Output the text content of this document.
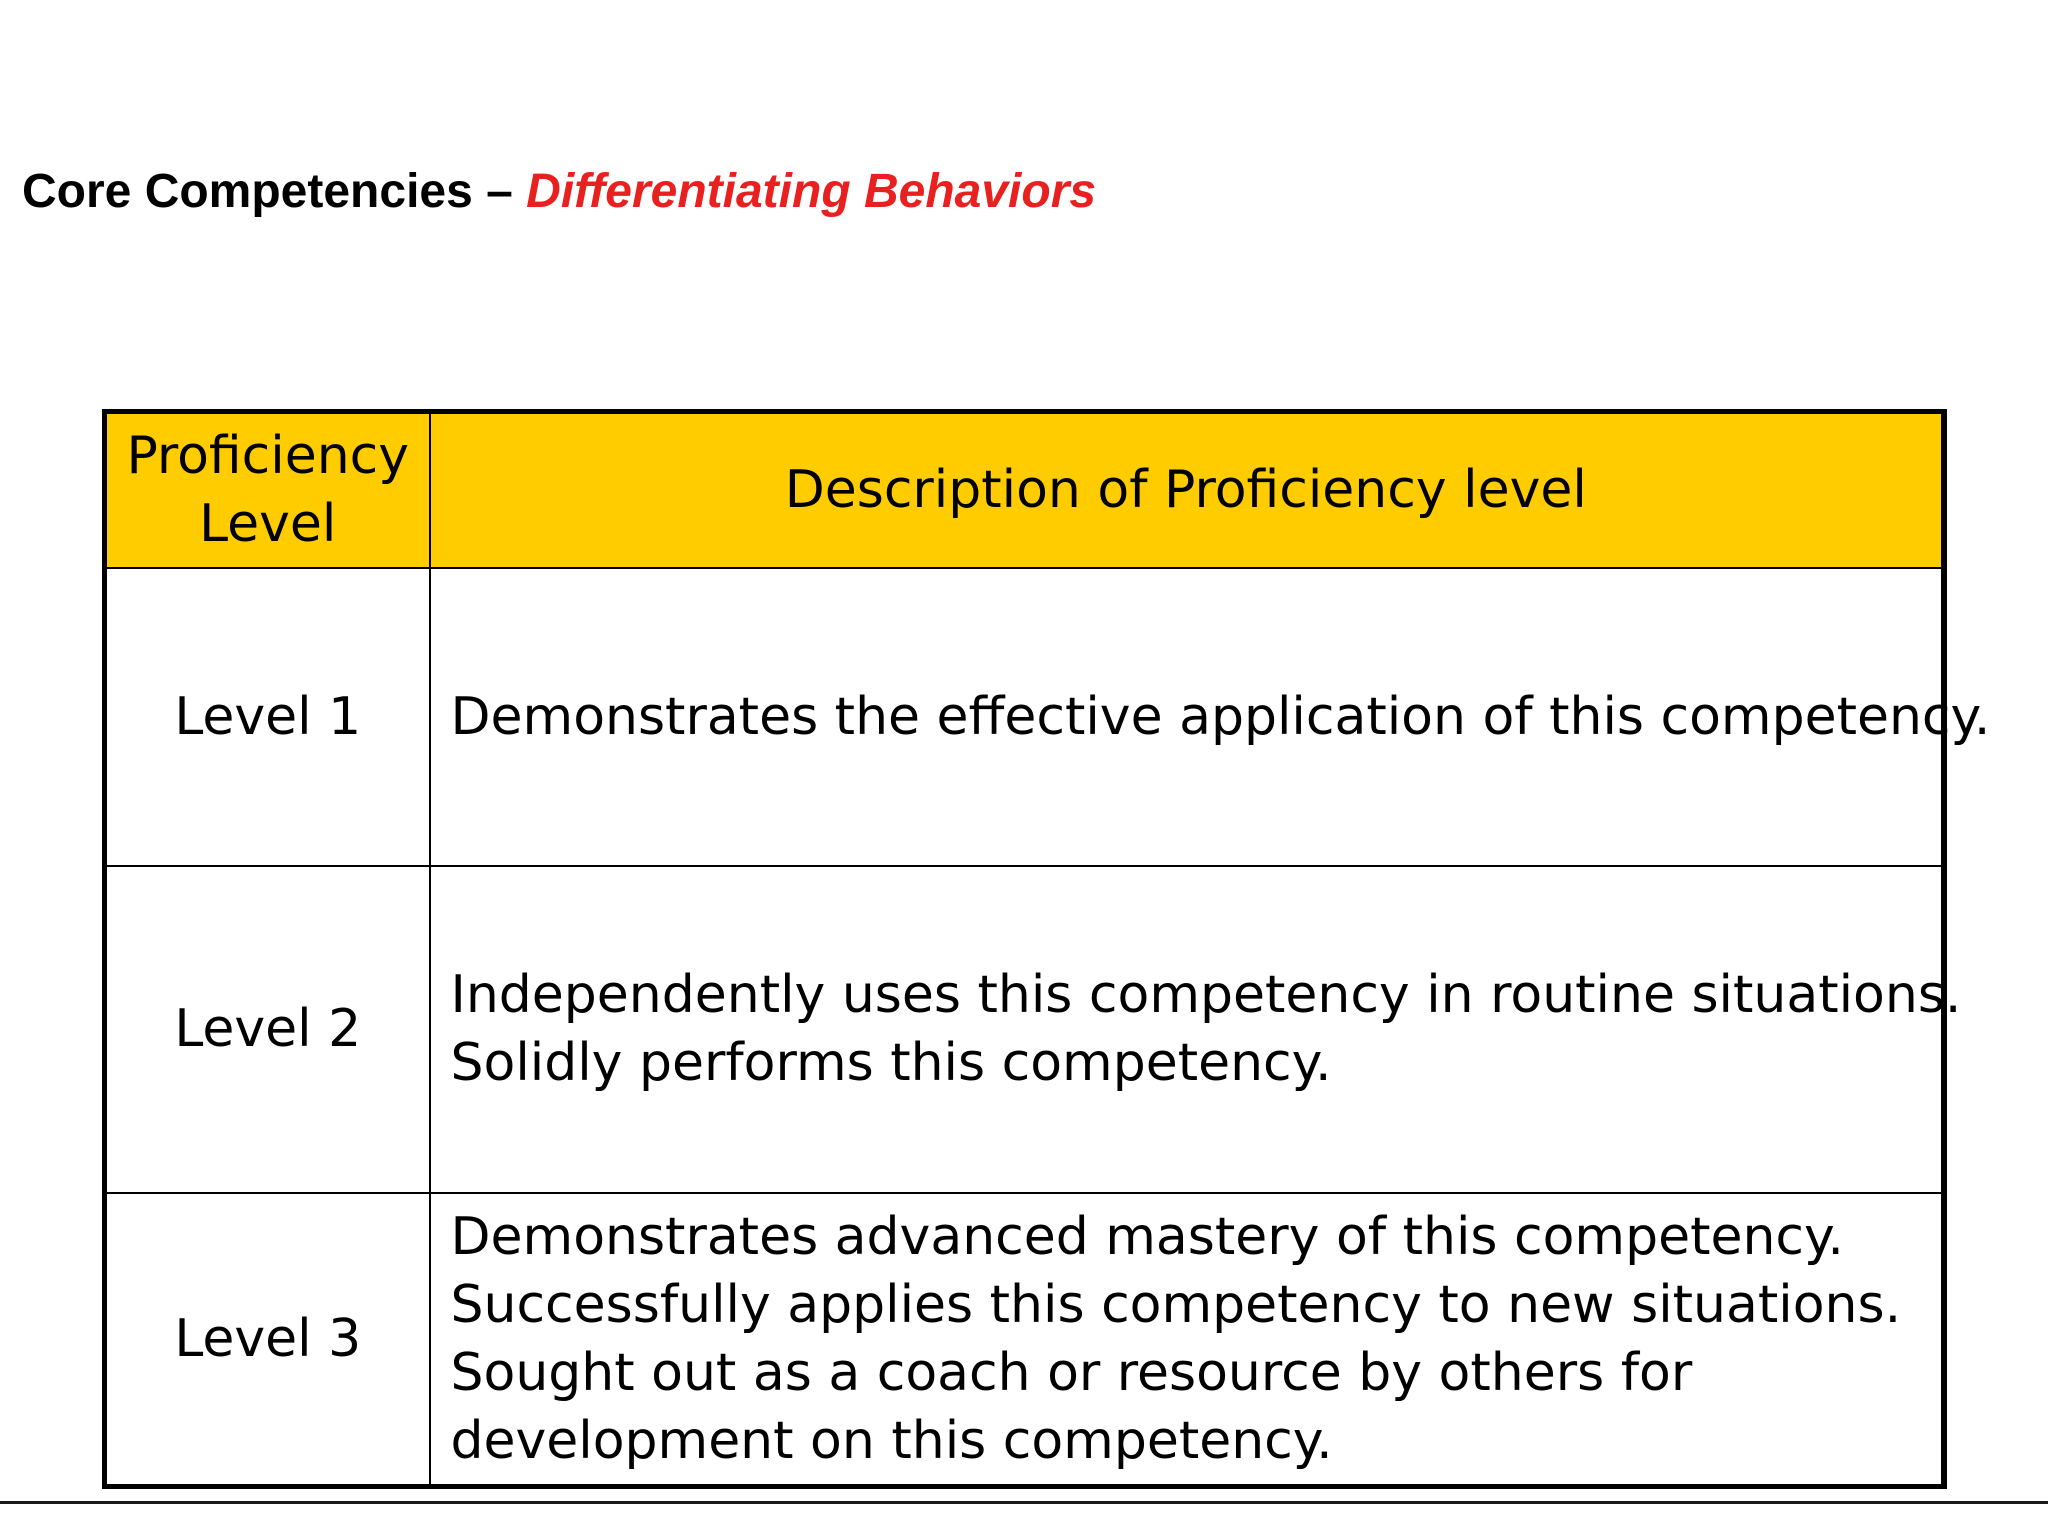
Core Competencies – Differentiating Behaviors
Proficiency
Level	Description of Proficiency level
Level 1	Demonstrates the effective application of this competency.

Level 2	Independently uses this competency in routine situations.
Solidly performs this competency.

Level 3	Demonstrates advanced mastery of this competency.
Successfully applies this competency to new situations.
Sought out as a coach or resource by others for
development on this competency.
